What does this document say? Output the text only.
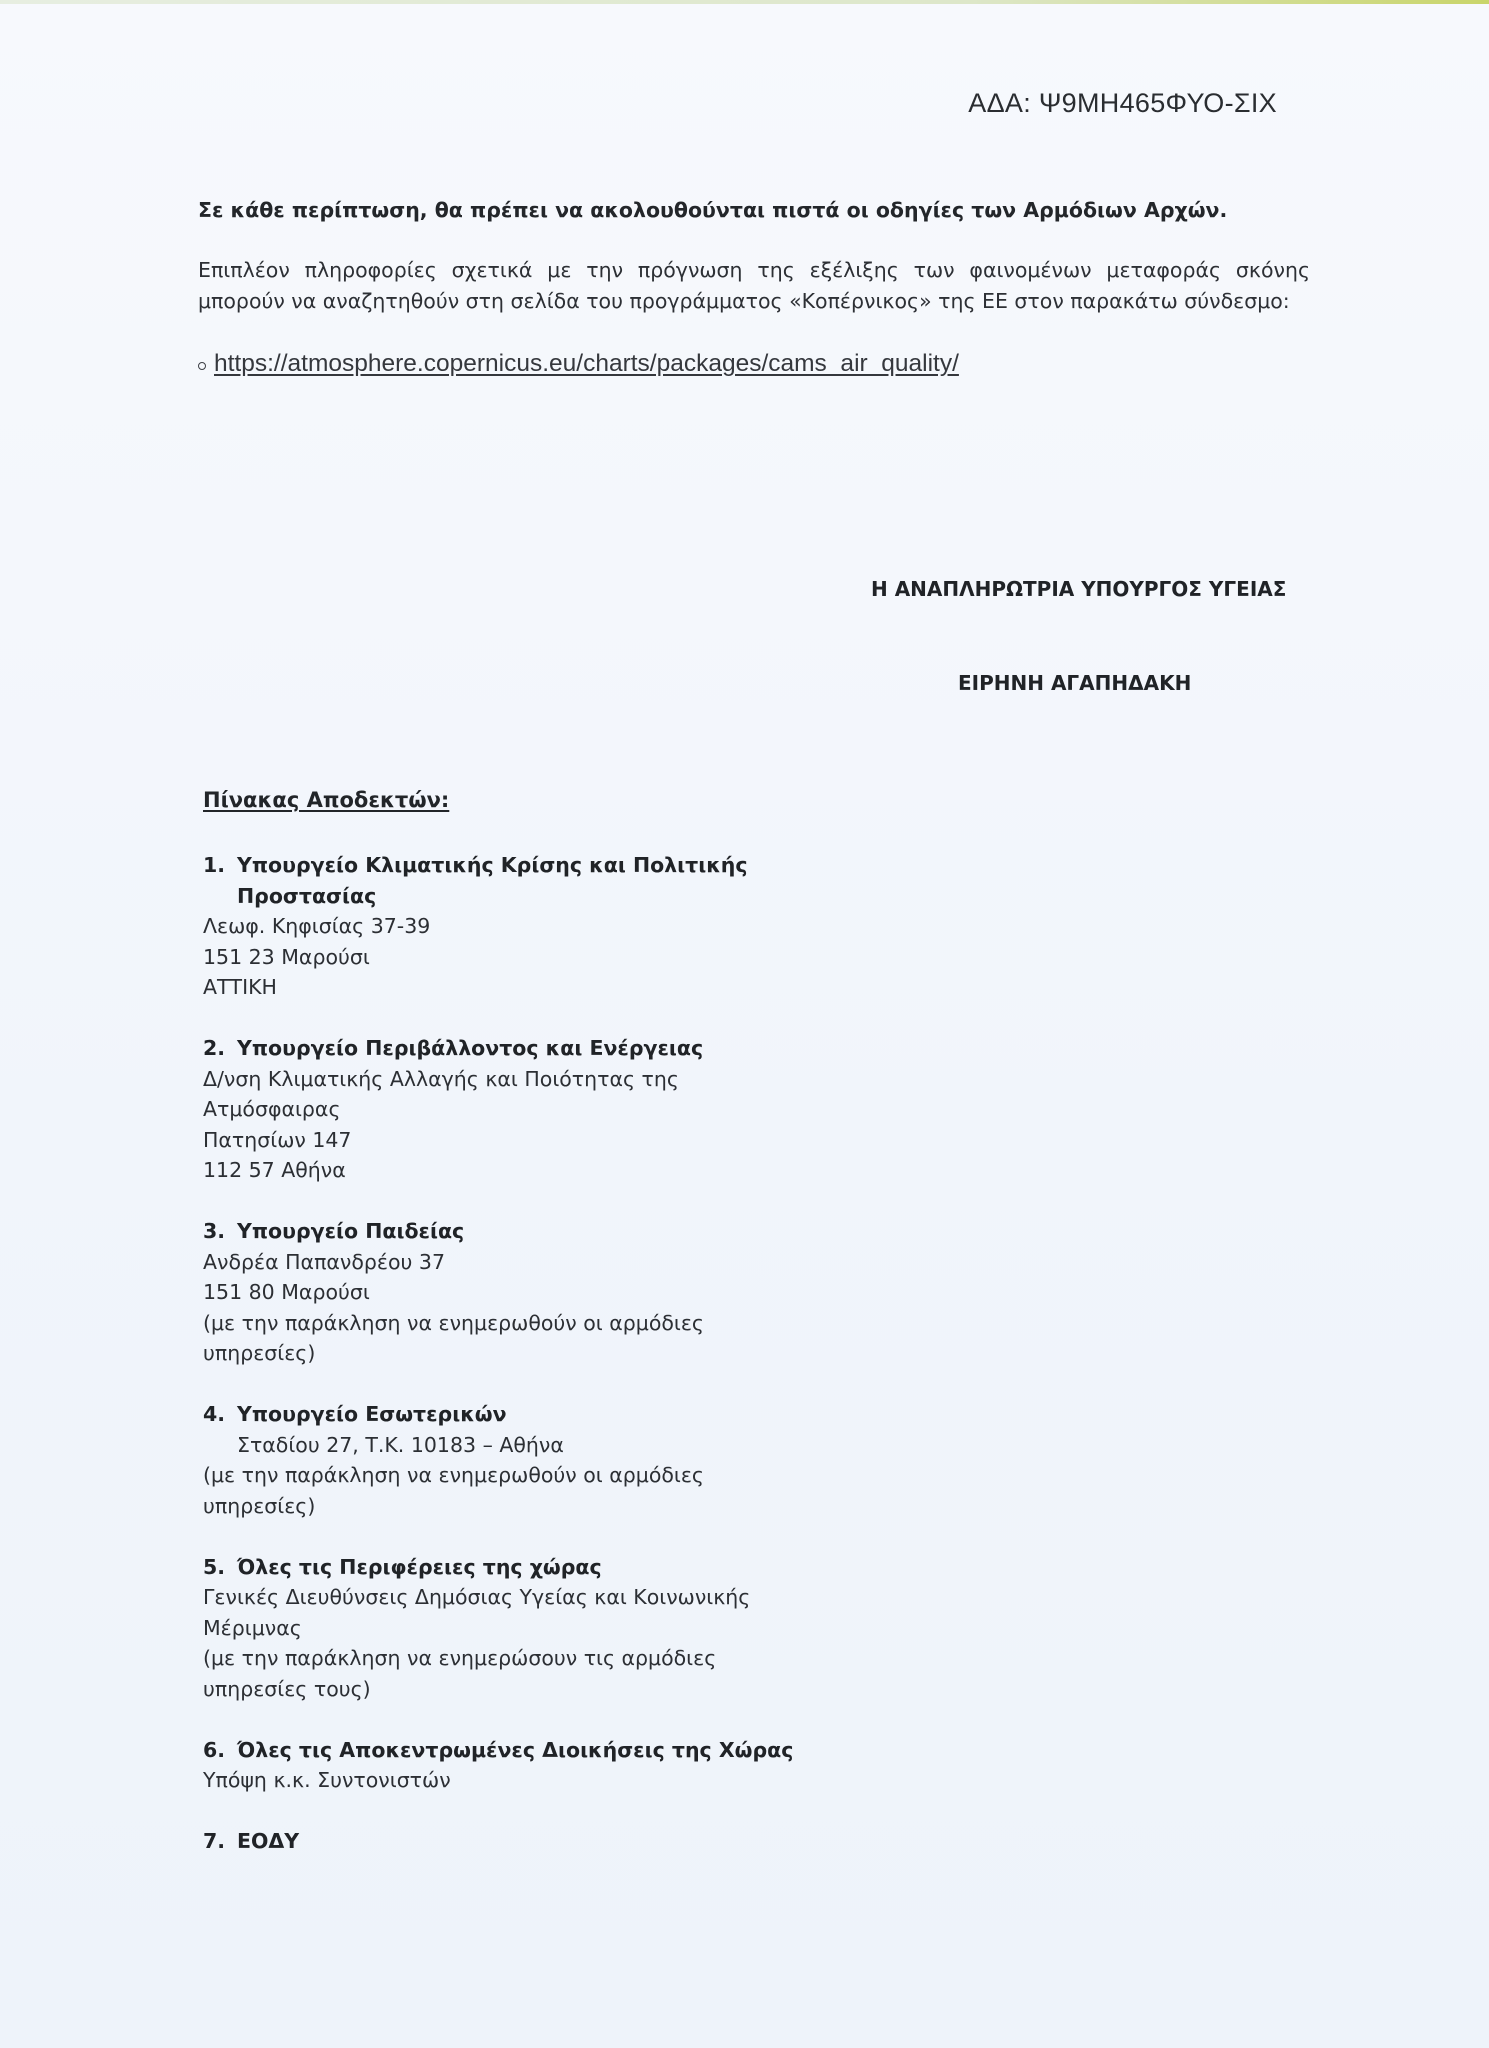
ΑΔΑ: Ψ9ΜΗ465ΦΥΟ-ΣΙΧ
Σε κάθε περίπτωση, θα πρέπει να ακολουθούνται πιστά οι οδηγίες των Αρμόδιων Αρχών.
Επιπλέον πληροφορίες σχετικά με την πρόγνωση της εξέλιξης των φαινομένων μεταφοράς σκόνης μπορούν να αναζητηθούν στη σελίδα του προγράμματος «Κοπέρνικος» της ΕΕ στον παρακάτω σύνδεσμο:
https://atmosphere.copernicus.eu/charts/packages/cams_air_quality/
Η ΑΝΑΠΛΗΡΩΤΡΙΑ ΥΠΟΥΡΓΟΣ ΥΓΕΙΑΣ
ΕΙΡΗΝΗ ΑΓΑΠΗΔΑΚΗ
Πίνακας Αποδεκτών:
1. Υπουργείο Κλιματικής Κρίσης και Πολιτικής Προστασίας
Λεωφ. Κηφισίας 37-39
151 23 Μαρούσι
ΑΤΤΙΚΗ
2. Υπουργείο Περιβάλλοντος και Ενέργειας
Δ/νση Κλιματικής Αλλαγής και Ποιότητας της Ατμόσφαιρας
Πατησίων 147
112 57 Αθήνα
3. Υπουργείο Παιδείας
Ανδρέα Παπανδρέου 37
151 80 Μαρούσι
(με την παράκληση να ενημερωθούν οι αρμόδιες υπηρεσίες)
4. Υπουργείο Εσωτερικών
Σταδίου 27, Τ.Κ. 10183 – Αθήνα
(με την παράκληση να ενημερωθούν οι αρμόδιες υπηρεσίες)
5. Όλες τις Περιφέρειες της χώρας
Γενικές Διευθύνσεις Δημόσιας Υγείας και Κοινωνικής Μέριμνας
(με την παράκληση να ενημερώσουν τις αρμόδιες υπηρεσίες τους)
6. Όλες τις Αποκεντρωμένες Διοικήσεις της Χώρας
Υπόψη κ.κ. Συντονιστών
7. ΕΟΔΥ
